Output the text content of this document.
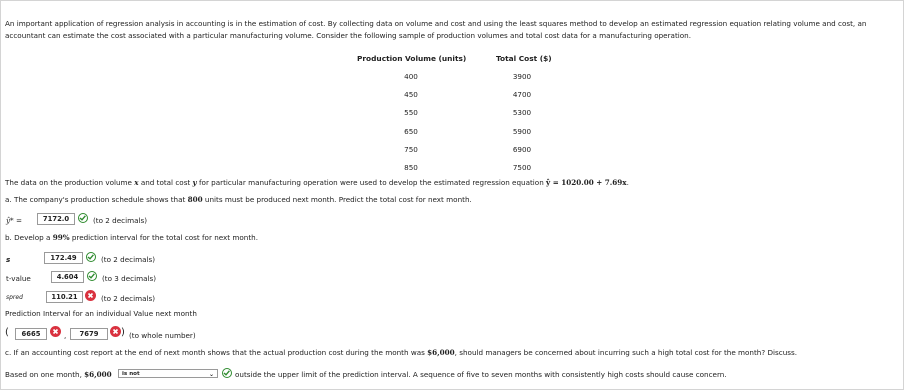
An important application of regression analysis in accounting is in the estimation of cost. By collecting data on volume and cost and using the least squares method to develop an estimated regression equation relating volume and cost, an accountant can estimate the cost associated with a particular manufacturing volume. Consider the following sample of production volumes and total cost data for a manufacturing operation.
Production Volume (units)	Total Cost ($)
400	3900
450	4700
550	5300
650	5900
750	6900
850	7500
The data on the production volume x and total cost y for particular manufacturing operation were used to develop the estimated regression equation ŷ = 1020.00 + 7.69x.
a. The company's production schedule shows that 800 units must be produced next month. Predict the total cost for next month.
ŷ* =	7172.0	(to 2 decimals)
b. Develop a 99% prediction interval for the total cost for next month.
s	172.49	(to 2 decimals)
t-value	4.604	(to 3 decimals)
spred	110.21	(to 2 decimals)
Prediction Interval for an individual Value next month
(	6665	,	7679	) (to whole number)
c. If an accounting cost report at the end of next month shows that the actual production cost during the month was $6,000, should managers be concerned about incurring such a high total cost for the month? Discuss.
Based on one month, $6,000	is not	⌄	outside the upper limit of the prediction interval. A sequence of five to seven months with consistently high costs should cause concern.
